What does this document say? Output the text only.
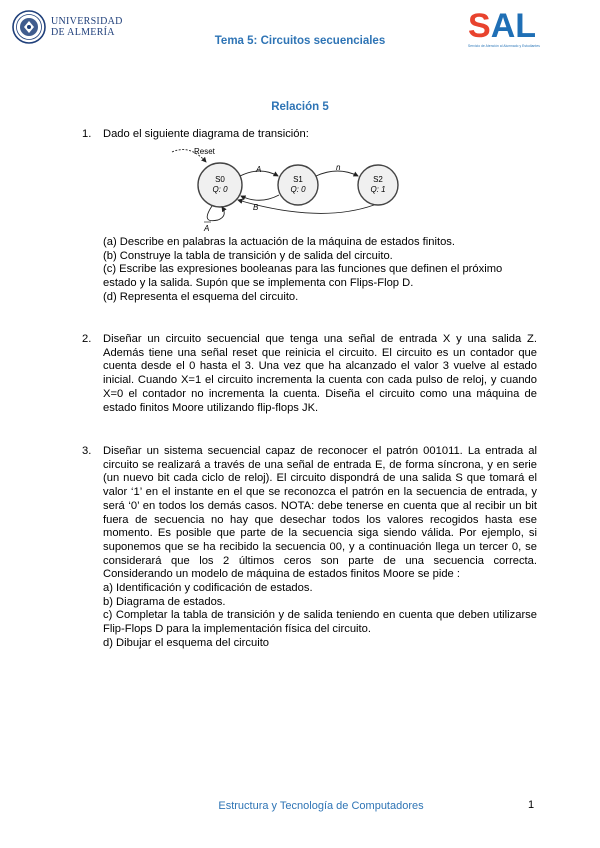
UNIVERSIDAD
DE ALMERÍA
Tema 5: Circuitos secuenciales	S A L
Servicio de Atención al Alumnado y Estudiantes
Relación 5
1. Dado el siguiente diagrama de transición:

Reset
S0
Q: 0
S1
Q: 0
S2
Q: 1
A
B
n
A

(a) Describe en palabras la actuación de la máquina de estados finitos.

(b) Construye la tabla de transición y de salida del circuito.

(c) Escribe las expresiones booleanas para las funciones que definen el próximo estado y la salida. Supón que se implementa con Flips-Flop D.

(d) Representa el esquema del circuito.

2. Diseñar un circuito secuencial que tenga una señal de entrada X y una salida Z. Además tiene una señal reset que reinicia el circuito. El circuito es un contador que cuenta desde el 0 hasta el 3. Una vez que ha alcanzado el valor 3 vuelve al estado inicial. Cuando X=1 el circuito incrementa la cuenta con cada pulso de reloj, y cuando X=0 el contador no incrementa la cuenta. Diseña el circuito como una máquina de estado finitos Moore utilizando flip-flops JK.

3. Diseñar un sistema secuencial capaz de reconocer el patrón 001011. La entrada al circuito se realizará a través de una señal de entrada E, de forma síncrona, y en serie (un nuevo bit cada ciclo de reloj). El circuito dispondrá de una salida S que tomará el valor ‘1’ en el instante en el que se reconozca el patrón en la secuencia de entrada, y será ‘0’ en todos los demás casos. NOTA: debe tenerse en cuenta que al recibir un bit fuera de secuencia no hay que desechar todos los valores recogidos hasta ese momento. Es posible que parte de la secuencia siga siendo válida. Por ejemplo, si suponemos que se ha recibido la secuencia 00, y a continuación llega un tercer 0, se considerará que los 2 últimos ceros son parte de una secuencia correcta. Considerando un modelo de máquina de estados finitos Moore se pide :

a) Identificación y codificación de estados.

b) Diagrama de estados.

c) Completar la tabla de transición y de salida teniendo en cuenta que deben utilizarse Flip-Flops D para la implementación física del circuito.

d) Dibujar el esquema del circuito

Estructura y Tecnología de Computadores	1
